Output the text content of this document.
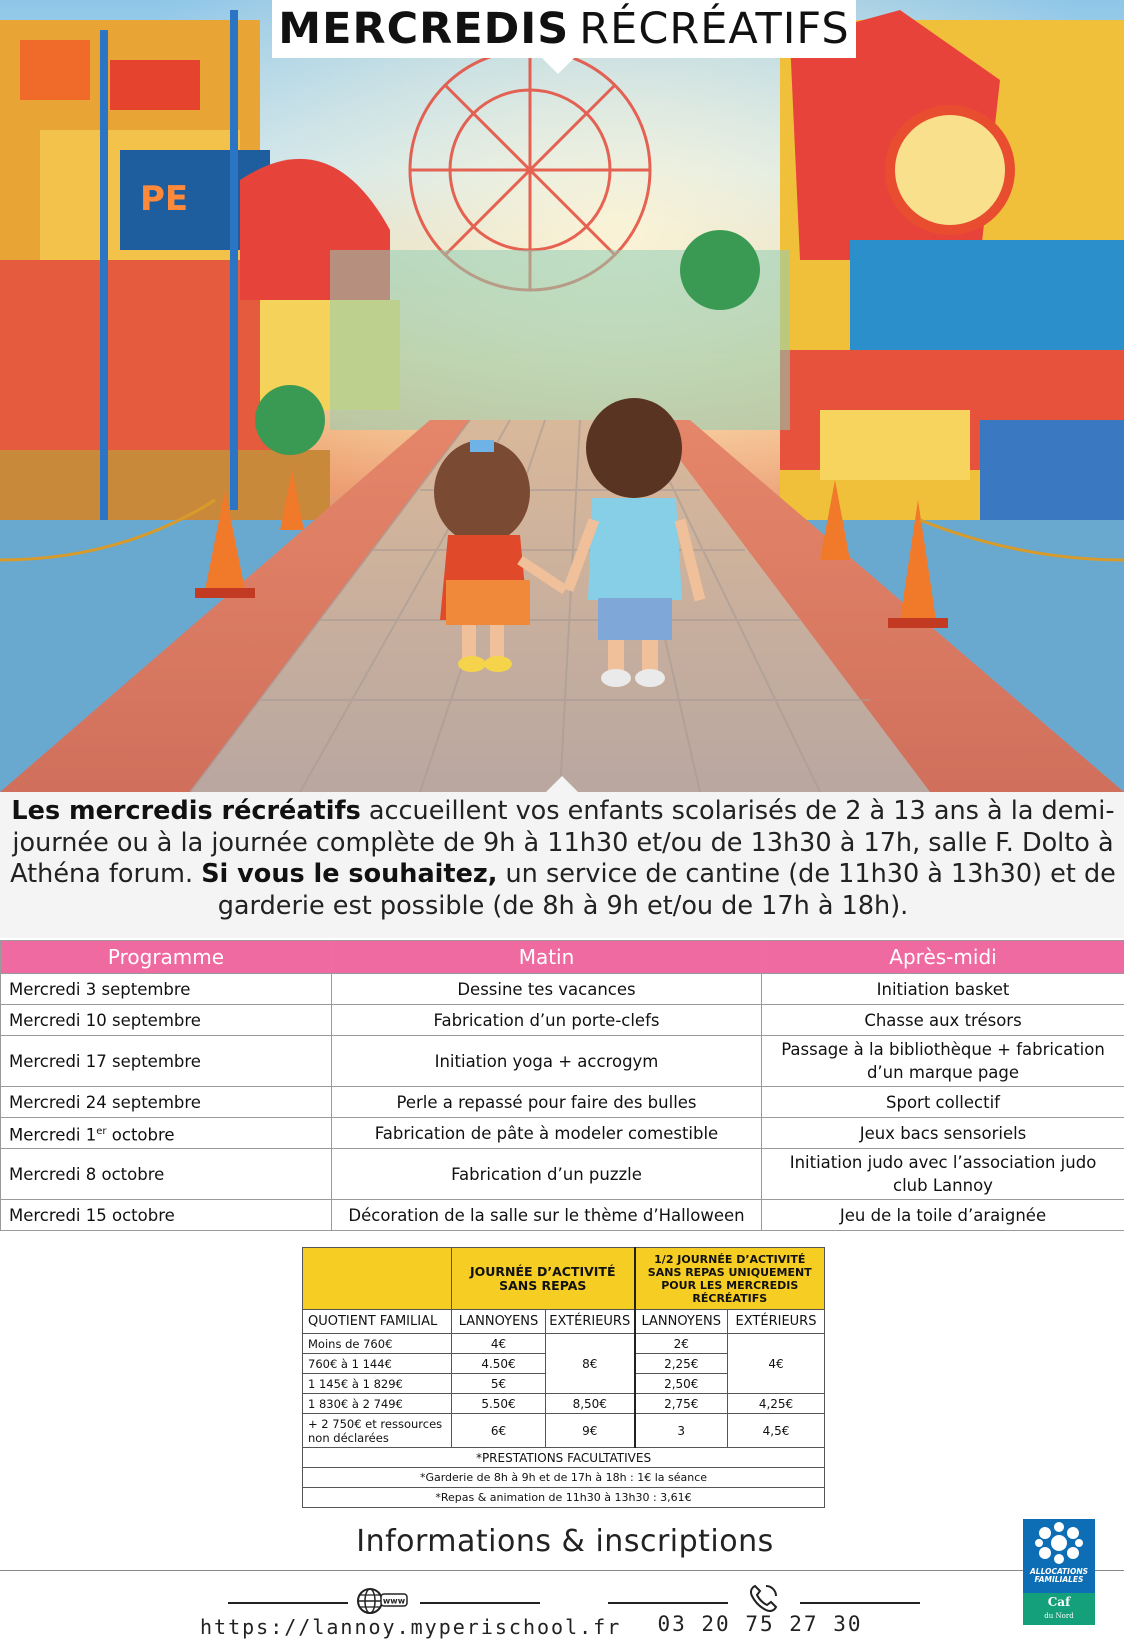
PE
MERCREDIS RÉCRÉATIFS

Les mercredis récréatifs accueillent vos enfants scolarisés de 2 à 13 ans à la demi-journée ou à la journée complète de 9h à 11h30 et/ou de 13h30 à 17h, salle F. Dolto à Athéna forum. Si vous le souhaitez, un service de cantine (de 11h30 à 13h30) et de garderie est possible (de 8h à 9h et/ou de 17h à 18h).

Programme	Matin	Après-midi
Mercredi 3 septembre	Dessine tes vacances	Initiation basket
Mercredi 10 septembre	Fabrication d’un porte-clefs	Chasse aux trésors
Mercredi 17 septembre	Initiation yoga + accrogym	Passage à la bibliothèque + fabrication d’un marque page
Mercredi 24 septembre	Perle a repassé pour faire des bulles	Sport collectif
Mercredi 1er octobre	Fabrication de pâte à modeler comestible	Jeux bacs sensoriels
Mercredi 8 octobre	Fabrication d’un puzzle	Initiation judo avec l’association judo club Lannoy
Mercredi 15 octobre	Décoration de la salle sur le thème d’Halloween	Jeu de la toile d’araignée
	JOURNÉE D’ACTIVITÉ SANS REPAS		1/2 JOURNÉE D’ACTIVITÉ SANS REPAS UNIQUEMENT POUR LES MERCREDIS RÉCRÉATIFS	
QUOTIENT FAMILIAL	LANNOYENS	EXTÉRIEURS	LANNOYENS	EXTÉRIEURS
Moins de 760€	4€	8€	2€	4€
760€ à 1 144€	4.50€		2,25€	
1 145€ à 1 829€	5€		2,50€	
1 830€ à 2 749€	5.50€	8,50€	2,75€	4,25€
+ 2 750€ et ressources non déclarées	6€	9€	3	4,5€
*PRESTATIONS FACULTATIVES				
*Garderie de 8h à 9h et de 17h à 18h : 1€ la séance				
*Repas & animation de 11h30 à 13h30 : 3,61€				
Informations & inscriptions
www
https://lannoy.myperischool.fr	03 20 75 27 30
ALLOCATIONS
FAMILIALES
Caf
du Nord
